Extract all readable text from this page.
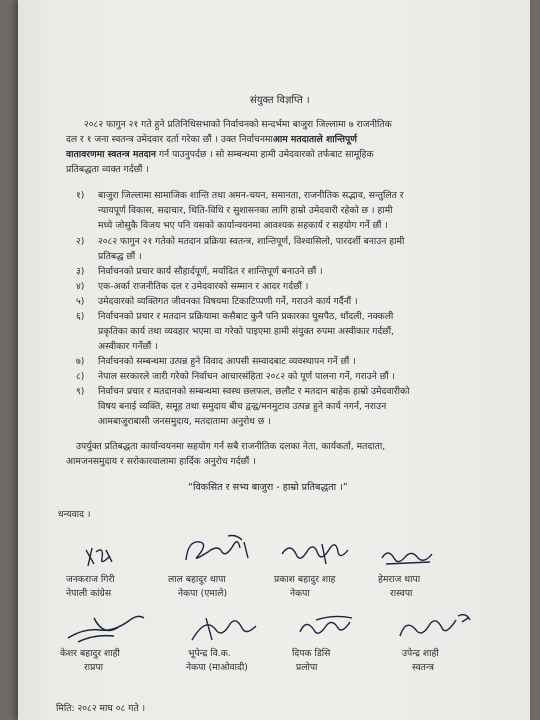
संयुक्त विज्ञप्ति ।
२०८२ फागुन २१ गते हुने प्रतिनिधिसभाको निर्वाचनको सन्दर्भमा बाजुरा जिल्लामा ७ राजनीतिक
दल र १ जना स्वतन्त्र उमेदवार दर्ता गरेका छौं । उक्त निर्वाचनमाआम मतदाताले शान्तिपूर्ण
वातावरणमा स्वतन्त्र मतदान गर्न पाउनुपर्दछ । सो सम्बन्धमा हामी उमेदवारको तर्फबाट सामूहिक
प्रतिबद्धता व्यक्त गर्दछौं ।
१) बाजुरा जिल्लामा सामाजिक शान्ति तथा अमन-चयन, समानता, राजनीतिक सद्भाव, सन्तुलित र
न्यायपूर्ण विकास, सदाचार, थिति-विधि र सुशासनका लागि हाम्रो उमेदवारी रहेको छ । हामी
मध्ये जोसुकै विजय भए पनि यसको कार्यान्वयनमा आवश्यक सहकार्य र सहयोग गर्ने छौं ।
२) २०८२ फागुन २१ गतेको मतदान प्रक्रिया स्वतन्त्र, शान्तिपूर्ण, विश्वासिलो, पारदर्शी बनाउन हामी
प्रतिबद्ध छौं ।
३) निर्वाचनको प्रचार कार्य सौहार्दपूर्ण, मर्यादित र शान्तिपूर्ण बनाउने छौं ।
४) एक-अर्का राजनीतिक दल र उमेदवारको सम्मान र आदर गर्दछौं ।
५) उमेदवारको व्यक्तिगत जीवनका विषयमा टिकाटिप्पणी गर्ने, गराउने कार्य गर्दैनौं ।
६) निर्वाचनको प्रचार र मतदान प्रक्रियामा कसैबाट कुनै पनि प्रकारका घुसपैठ, धाँदली, नक्कली
प्रकृतिका कार्य तथा व्यवहार भएमा वा गरेको पाइएमा हामी संयुक्त रुपमा अस्वीकार गर्दछौं,
अस्वीकार गर्नेछौं ।
७) निर्वाचनको सम्बन्धमा उत्पन्न हुने विवाद आपसी सम्वादबाट व्यवस्थापन गर्ने छौं ।
८) नेपाल सरकारले जारी गरेको निर्वाचन आचारसंहिता २०८२ को पूर्ण पालना गर्ने, गराउने छौं ।
९) निर्वाचन प्रचार र मतदानको सम्बन्धमा स्वस्थ छलफल, छलौट र मतदान बाहेक हाम्रो उमेदवारीको
विषय बनाई व्यक्ति, समूह तथा समुदाय बीच द्वन्द्व/मनमुटाव उत्पन्न हुने कार्य नगर्न, नराउन
आमबाजुराबासी जनसमुदाय, मतदातामा अनुरोध छ ।
उपर्युक्त प्रतिबद्धता कार्यान्वयनमा सहयोग गर्न सबै राजनीतिक दलका नेता, कार्यकर्ता, मतदाता,
आमजनसमुदाय र सरोकारवालामा हार्दिक अनुरोध गर्दछौं ।
“विकसित र सभ्य बाजुरा - हाम्रो प्रतिबद्धता ।”
धन्यवाद ।
जनकराज गिरी
नेपाली कांग्रेस
लाल बहादुर थापा
नेकपा (एमाले)
प्रकाश बहादुर शाह
नेकपा
हेमराज थापा
रास्वपा
केशर बहादुर शाही
राप्रपा
भूपेन्द्र वि.क.
नेकपा (माओवादी)
दिपक डिसि
प्रलोपा
उपेन्द्र शाही
स्वतन्त्र
मिति: २०८२ माघ ०८ गते ।
